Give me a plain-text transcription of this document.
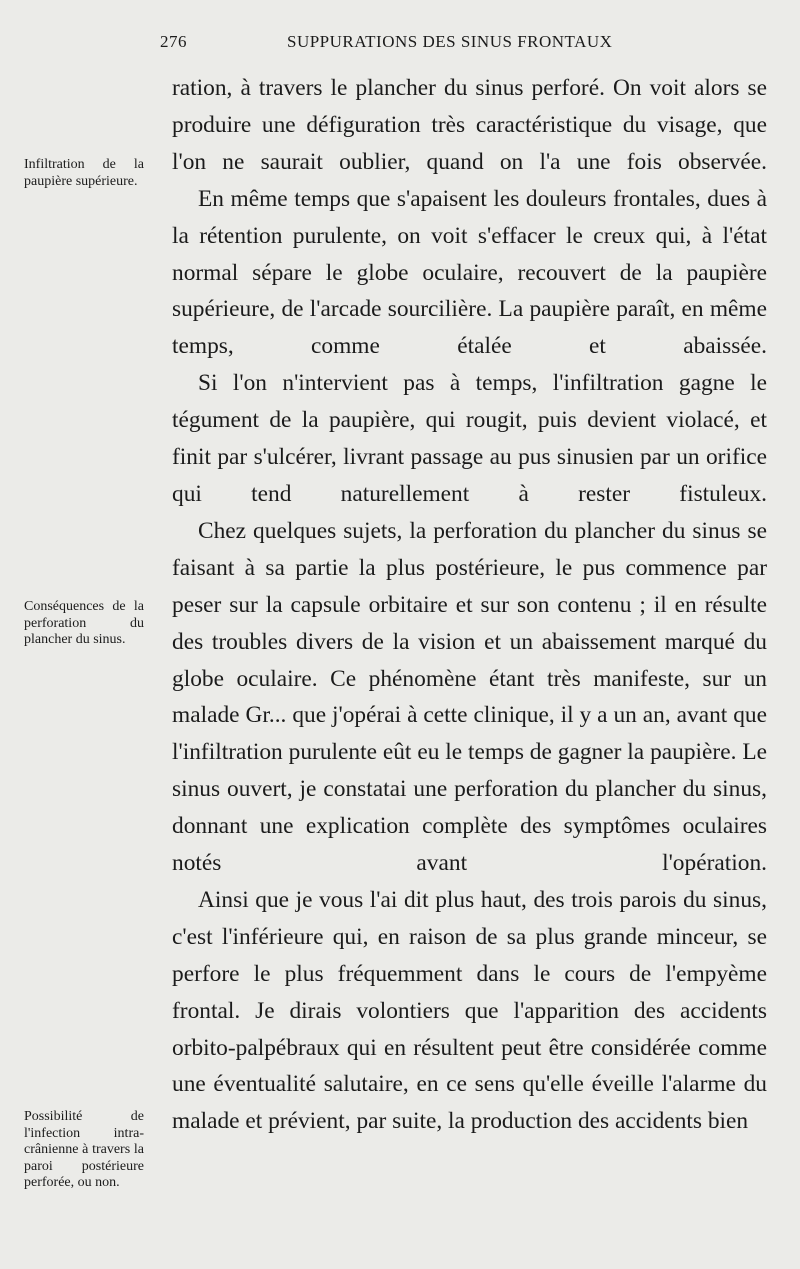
276	SUPPURATIONS DES SINUS FRONTAUX
Infiltration de la paupière supérieure.
Conséquences de la perforation du plancher du sinus.
Possibilité de l'infection intra-crânienne à travers la paroi postérieure perforée, ou non.

ration, à travers le plancher du sinus perforé. On voit alors se produire une défiguration très caractéristique du visage, que l'on ne saurait oublier, quand on l'a une fois observée.

En même temps que s'apaisent les douleurs frontales, dues à la rétention purulente, on voit s'effacer le creux qui, à l'état normal sépare le globe oculaire, recouvert de la paupière supérieure, de l'arcade sourcilière. La paupière paraît, en même temps, comme étalée et abaissée.

Si l'on n'intervient pas à temps, l'infiltration gagne le tégument de la paupière, qui rougit, puis devient violacé, et finit par s'ulcérer, livrant passage au pus sinusien par un orifice qui tend naturellement à rester fistuleux.

Chez quelques sujets, la perforation du plancher du sinus se faisant à sa partie la plus postérieure, le pus commence par peser sur la capsule orbitaire et sur son contenu ; il en résulte des troubles divers de la vision et un abaissement marqué du globe oculaire. Ce phénomène étant très manifeste, sur un malade Gr... que j'opérai à cette clinique, il y a un an, avant que l'infiltration purulente eût eu le temps de gagner la paupière. Le sinus ouvert, je constatai une perforation du plancher du sinus, donnant une explication complète des symptômes oculaires notés avant l'opération.

Ainsi que je vous l'ai dit plus haut, des trois parois du sinus, c'est l'inférieure qui, en raison de sa plus grande minceur, se perfore le plus fréquemment dans le cours de l'empyème frontal. Je dirais volontiers que l'apparition des accidents orbito-palpébraux qui en résultent peut être considérée comme une éventualité salutaire, en ce sens qu'elle éveille l'alarme du malade et prévient, par suite, la production des accidents bien
